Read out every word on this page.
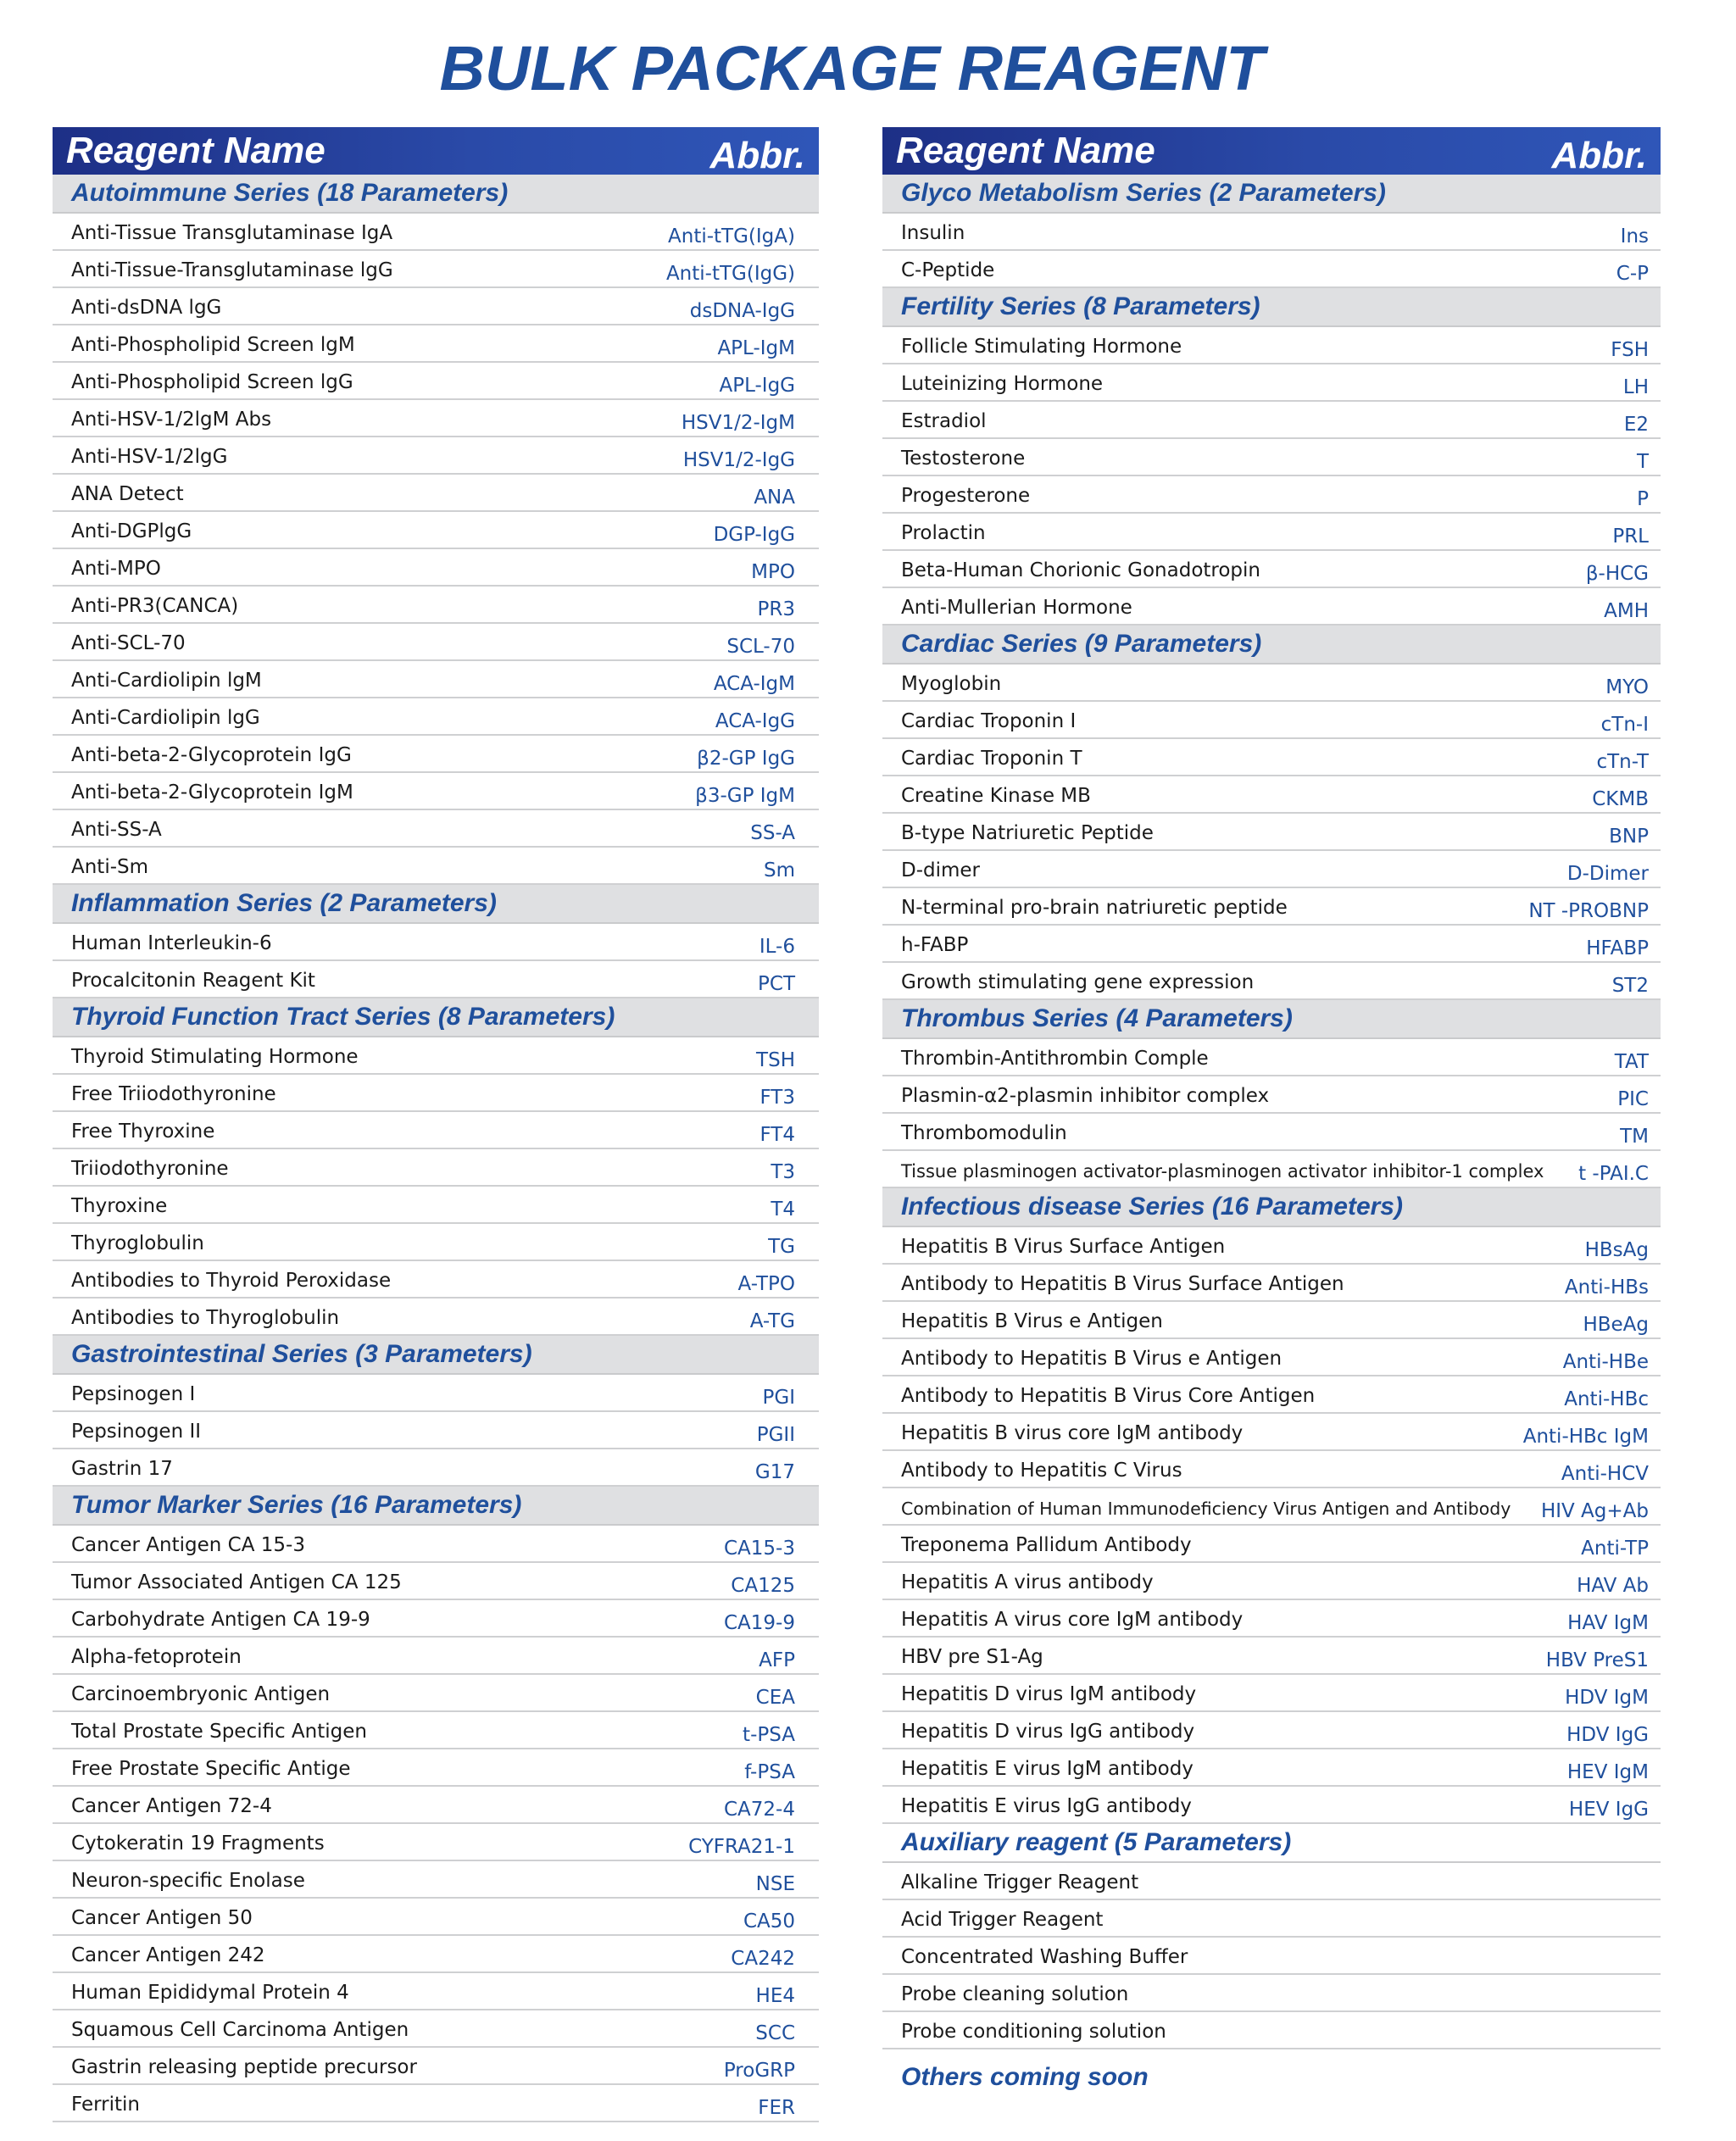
BULK PACKAGE REAGENT
Reagent Name	Abbr.
Autoimmune Series (18 Parameters)
Anti-Tissue Transglutaminase IgA	Anti-tTG(IgA)
Anti-Tissue-Transglutaminase lgG	Anti-tTG(IgG)
Anti-dsDNA lgG	dsDNA-IgG
Anti-Phospholipid Screen lgM	APL-IgM
Anti-Phospholipid Screen lgG	APL-IgG
Anti-HSV-1/2lgM Abs	HSV1/2-IgM
Anti-HSV-1/2lgG	HSV1/2-IgG
ANA Detect	ANA
Anti-DGPlgG	DGP-IgG
Anti-MPO	MPO
Anti-PR3(CANCA)	PR3
Anti-SCL-70	SCL-70
Anti-Cardiolipin lgM	ACA-IgM
Anti-Cardiolipin lgG	ACA-IgG
Anti-beta-2-Glycoprotein IgG	β2-GP IgG
Anti-beta-2-Glycoprotein IgM	β3-GP IgM
Anti-SS-A	SS-A
Anti-Sm	Sm
Inflammation Series (2 Parameters)
Human Interleukin-6	IL-6
Procalcitonin Reagent Kit	PCT
Thyroid Function Tract Series (8 Parameters)
Thyroid Stimulating Hormone	TSH
Free Triiodothyronine	FT3
Free Thyroxine	FT4
Triiodothyronine	T3
Thyroxine	T4
Thyroglobulin	TG
Antibodies to Thyroid Peroxidase	A-TPO
Antibodies to Thyroglobulin	A-TG
Gastrointestinal Series (3 Parameters)
Pepsinogen I	PGI
Pepsinogen II	PGII
Gastrin 17	G17
Tumor Marker Series (16 Parameters)
Cancer Antigen CA 15-3	CA15-3
Tumor Associated Antigen CA 125	CA125
Carbohydrate Antigen CA 19-9	CA19-9
Alpha-fetoprotein	AFP
Carcinoembryonic Antigen	CEA
Total Prostate Specific Antigen	t-PSA
Free Prostate Specific Antige	f-PSA
Cancer Antigen 72-4	CA72-4
Cytokeratin 19 Fragments	CYFRA21-1
Neuron-specific Enolase	NSE
Cancer Antigen 50	CA50
Cancer Antigen 242	CA242
Human Epididymal Protein 4	HE4
Squamous Cell Carcinoma Antigen	SCC
Gastrin releasing peptide precursor	ProGRP
Ferritin	FER
Reagent Name	Abbr.
Glyco Metabolism Series (2 Parameters)
Insulin	Ins
C-Peptide	C-P
Fertility Series (8 Parameters)
Follicle Stimulating Hormone	FSH
Luteinizing Hormone	LH
Estradiol	E2
Testosterone	T
Progesterone	P
Prolactin	PRL
Beta-Human Chorionic Gonadotropin	β-HCG
Anti-Mullerian Hormone	AMH
Cardiac Series (9 Parameters)
Myoglobin	MYO
Cardiac Troponin I	cTn-I
Cardiac Troponin T	cTn-T
Creatine Kinase MB	CKMB
B-type Natriuretic Peptide	BNP
D-dimer	D-Dimer
N-terminal pro-brain natriuretic peptide	NT -PROBNP
h-FABP	HFABP
Growth stimulating gene expression	ST2
Thrombus Series (4 Parameters)
Thrombin-Antithrombin Comple	TAT
Plasmin-α2-plasmin inhibitor complex	PIC
Thrombomodulin	TM
Tissue plasminogen activator-plasminogen activator inhibitor-1 complex t -PAI.C
Infectious disease Series (16 Parameters)
Hepatitis B Virus Surface Antigen	HBsAg
Antibody to Hepatitis B Virus Surface Antigen	Anti-HBs
Hepatitis B Virus e Antigen	HBeAg
Antibody to Hepatitis B Virus e Antigen	Anti-HBe
Antibody to Hepatitis B Virus Core Antigen	Anti-HBc
Hepatitis B virus core IgM antibody	Anti-HBc IgM
Antibody to Hepatitis C Virus	Anti-HCV
Combination of Human Immunodeficiency Virus Antigen and Antibody HIV Ag+Ab
Treponema Pallidum Antibody	Anti-TP
Hepatitis A virus antibody	HAV Ab
Hepatitis A virus core IgM antibody	HAV IgM
HBV pre S1-Ag	HBV PreS1
Hepatitis D virus IgM antibody	HDV IgM
Hepatitis D virus IgG antibody	HDV IgG
Hepatitis E virus IgM antibody	HEV IgM
Hepatitis E virus IgG antibody	HEV IgG
Auxiliary reagent (5 Parameters)
Alkaline Trigger Reagent
Acid Trigger Reagent
Concentrated Washing Buffer
Probe cleaning solution
Probe conditioning solution
Others coming soon
